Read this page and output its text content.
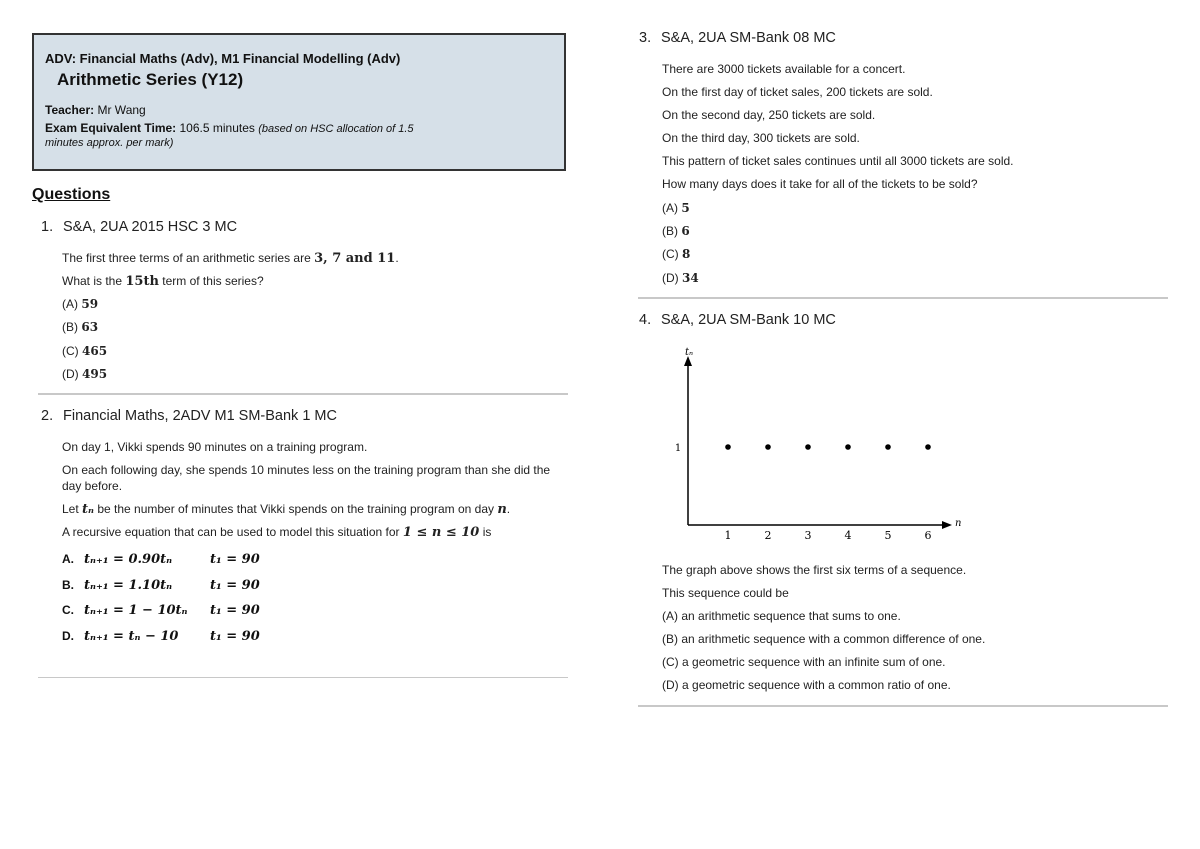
ADV: Financial Maths (Adv), M1 Financial Modelling (Adv)
Arithmetic Series (Y12)
Teacher: Mr Wang
Exam Equivalent Time: 106.5 minutes (based on HSC allocation of 1.5
minutes approx. per mark)
Questions
1. S&A, 2UA 2015 HSC 3 MC
The first three terms of an arithmetic series are 3, 7 and 11.
What is the 15th term of this series?
(A) 59
(B) 63
(C) 465
(D) 495
2. Financial Maths, 2ADV M1 SM-Bank 1 MC
On day 1, Vikki spends 90 minutes on a training program.
On each following day, she spends 10 minutes less on the training program than she did the day before.
Let tₙ be the number of minutes that Vikki spends on the training program on day n.
A recursive equation that can be used to model this situation for 1 ≤ n ≤ 10 is
A. tₙ₊₁ = 0.90tₙ	t₁ = 90
B. tₙ₊₁ = 1.10tₙ	t₁ = 90
C. tₙ₊₁ = 1 − 10tₙ t₁ = 90
D. tₙ₊₁ = tₙ − 10 t₁ = 90
3. S&A, 2UA SM-Bank 08 MC
There are 3000 tickets available for a concert.
On the first day of ticket sales, 200 tickets are sold.
On the second day, 250 tickets are sold.
On the third day, 300 tickets are sold.
This pattern of ticket sales continues until all 3000 tickets are sold.
How many days does it take for all of the tickets to be sold?
(A) 5
(B) 6
(C) 8
(D) 34
4. S&A, 2UA SM-Bank 10 MC
tₙ
n
1
1	2	3	4	5	6
The graph above shows the first six terms of a sequence.
This sequence could be
(A) an arithmetic sequence that sums to one.
(B) an arithmetic sequence with a common difference of one.
(C) a geometric sequence with an infinite sum of one.
(D) a geometric sequence with a common ratio of one.
